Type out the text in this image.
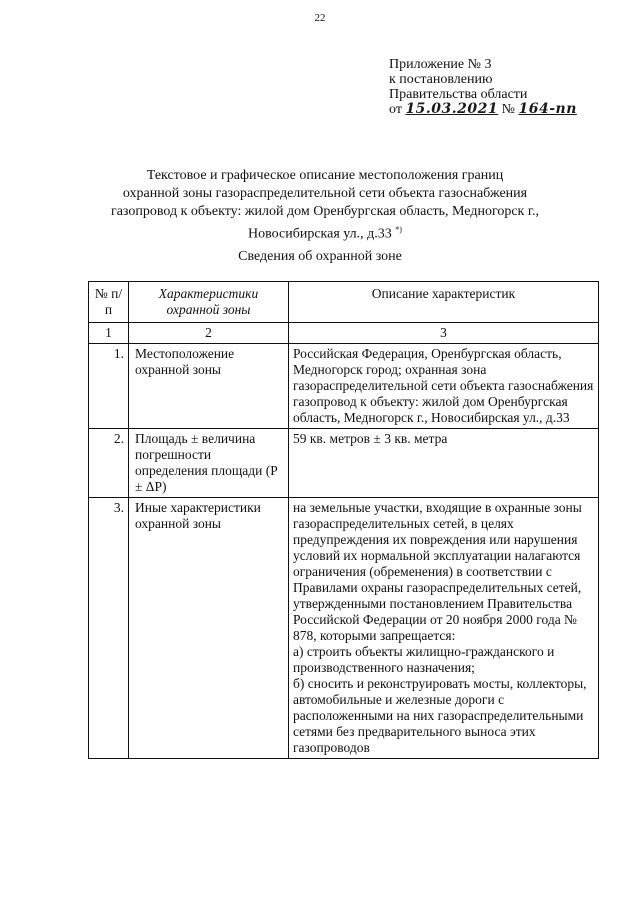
22
Приложение № 3
к постановлению
Правительства области
от 15.03.2021 № 164-пп
Текстовое и графическое описание местоположения границ
охранной зоны газораспределительной сети объекта газоснабжения
газопровод к объекту: жилой дом Оренбургская область, Медногорск г.,
Новосибирская ул., д.33 *)
Сведения об охранной зоне
№ п/п	Характеристики охранной зоны	Описание характеристик
1	2	3
1.	Местоположение охранной зоны	Российская Федерация, Оренбургская область, Медногорск город; охранная зона газораспределительной сети объекта газоснабжения газопровод к объекту: жилой дом Оренбургская область, Медногорск г., Новосибирская ул., д.33
2.	Площадь ± величина погрешности определения площади (P ± ΔP)	59 кв. метров ± 3 кв. метра
3.	Иные характеристики охранной зоны	на земельные участки, входящие в охранные зоны газораспределительных сетей, в целях предупреждения их повреждения или нарушения условий их нормальной эксплуатации налагаются ограничения (обременения) в соответствии с Правилами охраны газораспределительных сетей, утвержденными постановлением Правительства Российской Федерации от 20 ноября 2000 года № 878, которыми запрещается:
а) строить объекты жилищно-гражданского и производственного назначения;
б) сносить и реконструировать мосты, коллекторы, автомобильные и железные дороги с расположенными на них газораспределительными сетями без предварительного выноса этих газопроводов
